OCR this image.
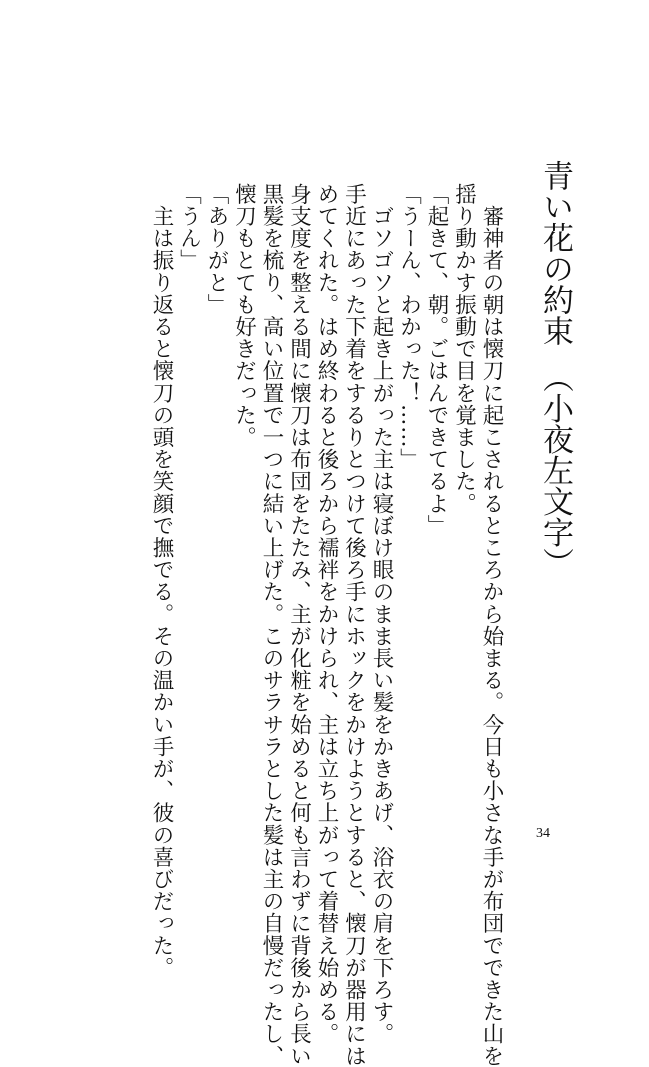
青い花の約束　（小夜左文字）

　審神者の朝は懐刀に起こされるところから始まる。今日も小さな手が布団でできた山を

揺り動かす振動で目を覚ました。

「起きて、朝。ごはんできてるよ」

「うーん、わかった！……」

　ゴソゴソと起き上がった主は寝ぼけ眼のまま長い髪をかきあげ、浴衣の肩を下ろす。

手近にあった下着をするりとつけて後ろ手にホックをかけようとすると、懐刀が器用には

めてくれた。はめ終わると後ろから襦袢をかけられ、主は立ち上がって着替え始める。

身支度を整える間に懐刀は布団をたたみ、主が化粧を始めると何も言わずに背後から長い

黒髪を梳り、高い位置で一つに結い上げた。このサラサラとした髪は主の自慢だったし、

懐刀もとても好きだった。

「ありがと」

「うん」

　主は振り返ると懐刀の頭を笑顔で撫でる。その温かい手が、彼の喜びだった。	34
